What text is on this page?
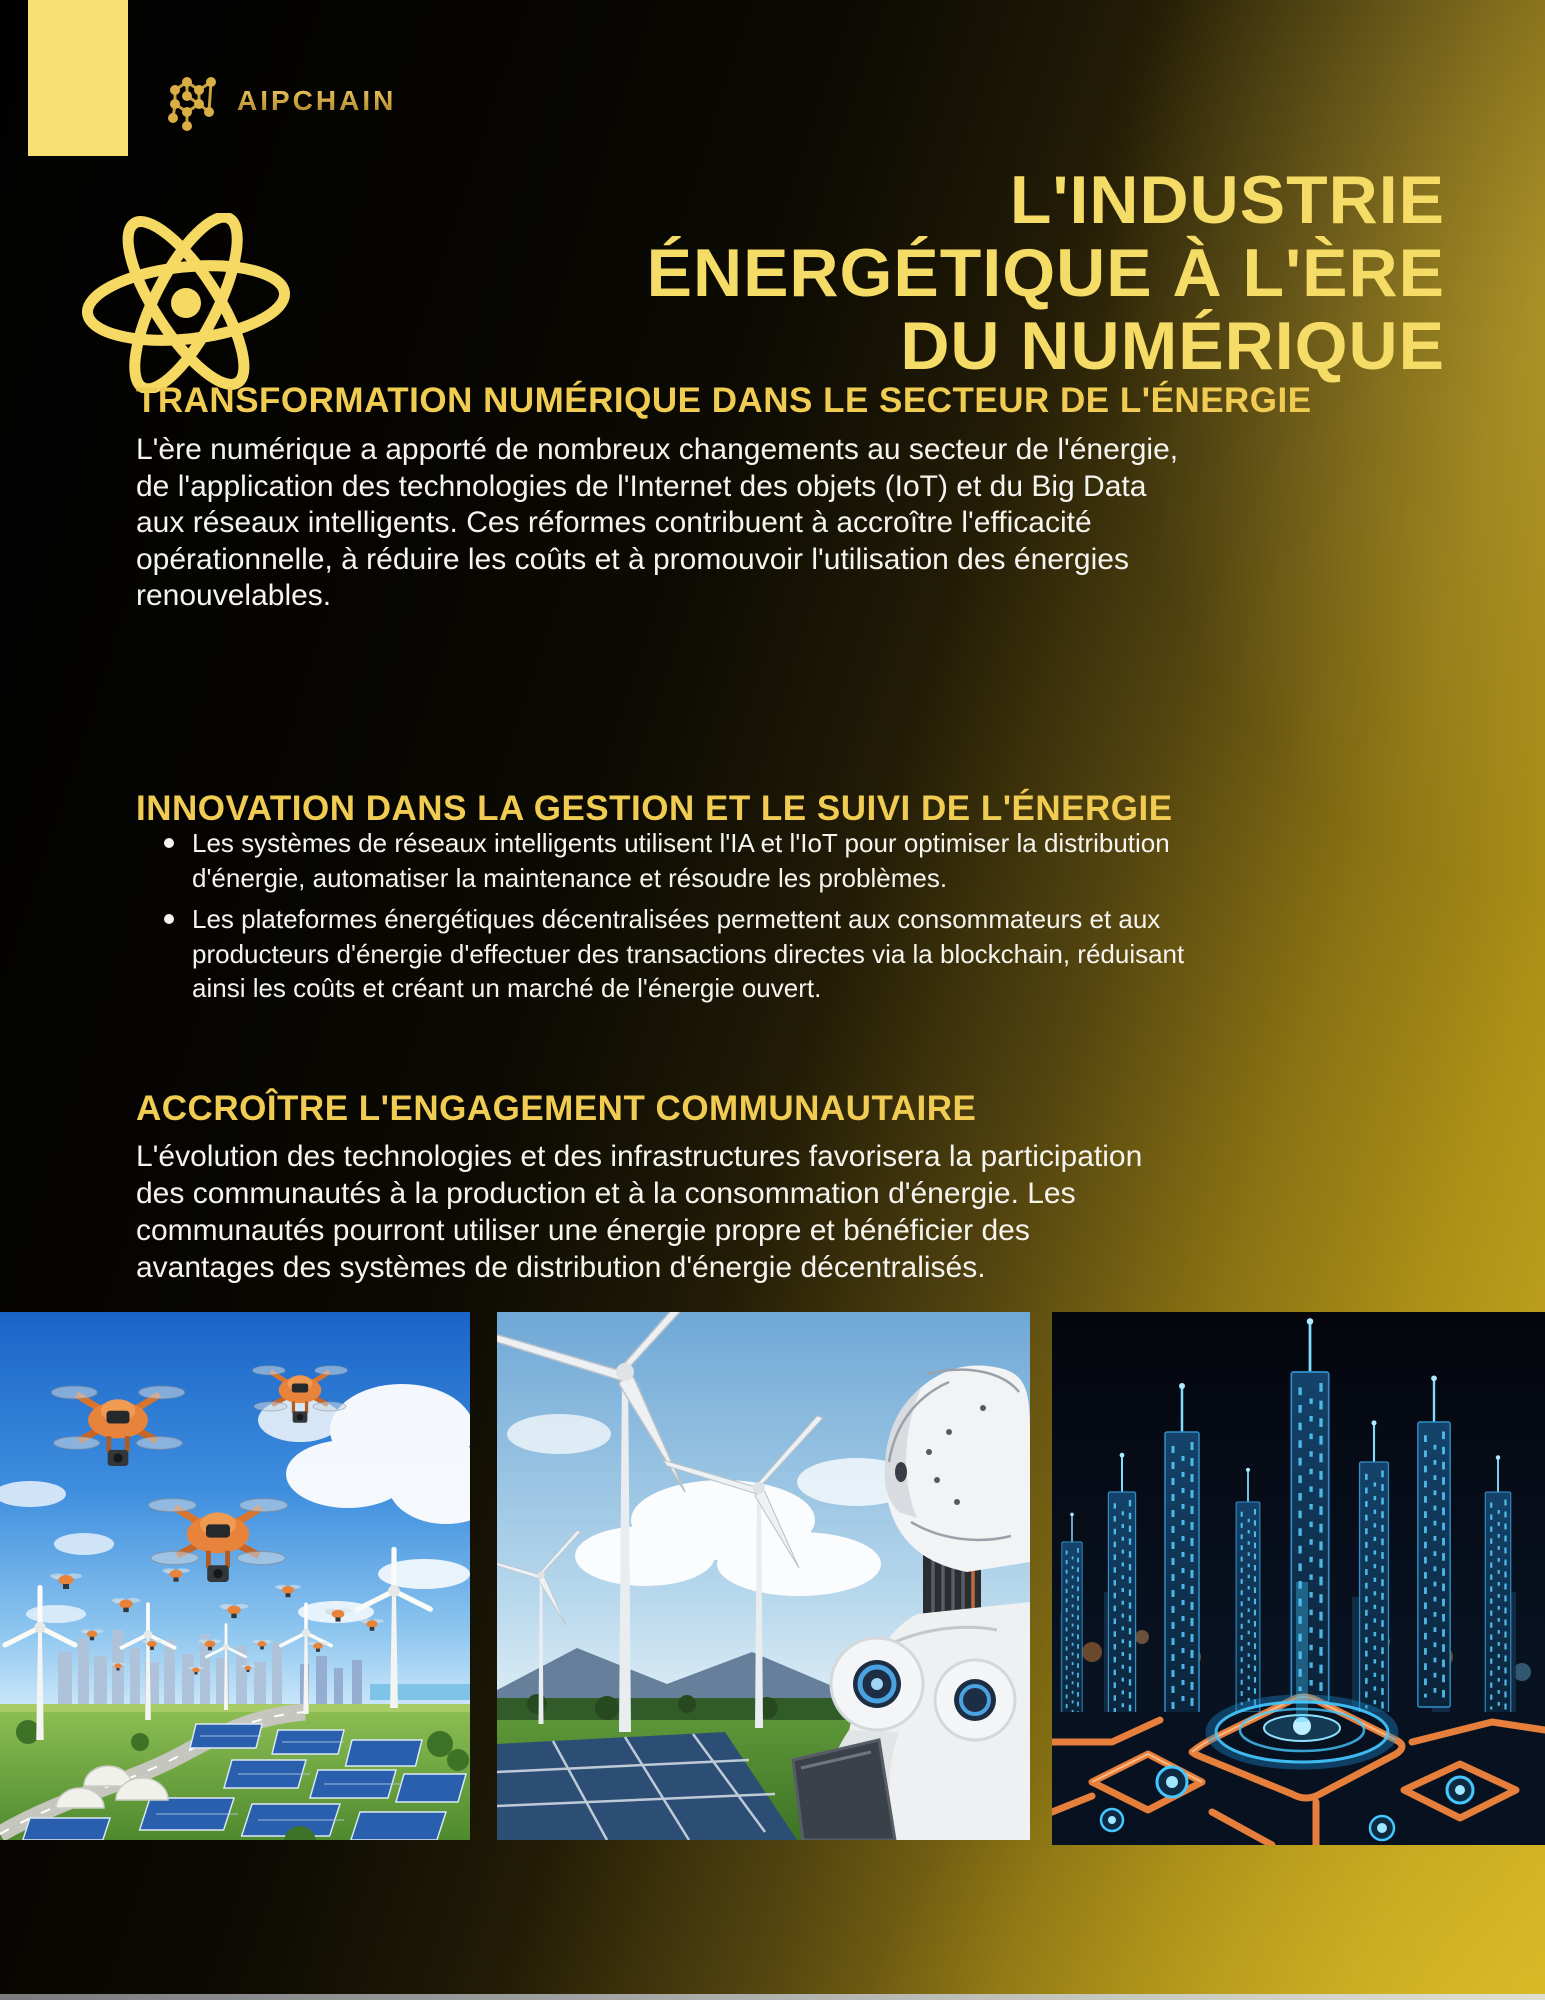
AIPCHAIN
L'INDUSTRIE
ÉNERGÉTIQUE À L'ÈRE
DU NUMÉRIQUE
TRANSFORMATION NUMÉRIQUE DANS LE SECTEUR DE L'ÉNERGIE

L'ère numérique a apporté de nombreux changements au secteur de l'énergie,
de l'application des technologies de l'Internet des objets (IoT) et du Big Data
aux réseaux intelligents. Ces réformes contribuent à accroître l'efficacité
opérationnelle, à réduire les coûts et à promouvoir l'utilisation des énergies
renouvelables.

INNOVATION DANS LA GESTION ET LE SUIVI DE L'ÉNERGIE
Les systèmes de réseaux intelligents utilisent l'IA et l'IoT pour optimiser la distribution
d'énergie, automatiser la maintenance et résoudre les problèmes.
Les plateformes énergétiques décentralisées permettent aux consommateurs et aux
producteurs d'énergie d'effectuer des transactions directes via la blockchain, réduisant
ainsi les coûts et créant un marché de l'énergie ouvert.
ACCROÎTRE L'ENGAGEMENT COMMUNAUTAIRE

L'évolution des technologies et des infrastructures favorisera la participation
des communautés à la production et à la consommation d'énergie. Les
communautés pourront utiliser une énergie propre et bénéficier des
avantages des systèmes de distribution d'énergie décentralisés.
